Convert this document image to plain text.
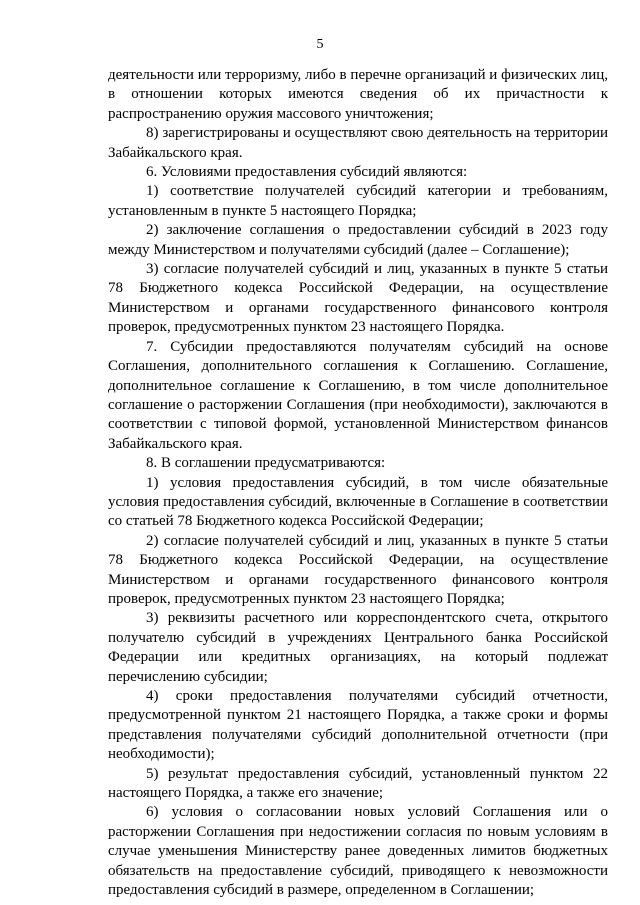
5

деятельности или терроризму, либо в перечне организаций и физических лиц, в отношении которых имеются сведения об их причастности к распространению оружия массового уничтожения;

8) зарегистрированы и осуществляют свою деятельность на территории Забайкальского края.

6. Условиями предоставления субсидий являются:

1) соответствие получателей субсидий категории и требованиям, установленным в пункте 5 настоящего Порядка;

2) заключение соглашения о предоставлении субсидий в 2023 году между Министерством и получателями субсидий (далее – Соглашение);

3) согласие получателей субсидий и лиц, указанных в пункте 5 статьи 78 Бюджетного кодекса Российской Федерации, на осуществление Министерством и органами государственного финансового контроля проверок, предусмотренных пунктом 23 настоящего Порядка.

7. Субсидии предоставляются получателям субсидий на основе Соглашения, дополнительного соглашения к Соглашению. Соглашение, дополнительное соглашение к Соглашению, в том числе дополнительное соглашение о расторжении Соглашения (при необходимости), заключаются в соответствии с типовой формой, установленной Министерством финансов Забайкальского края.

8. В соглашении предусматриваются:

1) условия предоставления субсидий, в том числе обязательные условия предоставления субсидий, включенные в Соглашение в соответствии со статьей 78 Бюджетного кодекса Российской Федерации;

2) согласие получателей субсидий и лиц, указанных в пункте 5 статьи 78 Бюджетного кодекса Российской Федерации, на осуществление Министерством и органами государственного финансового контроля проверок, предусмотренных пунктом 23 настоящего Порядка;

3) реквизиты расчетного или корреспондентского счета, открытого получателю субсидий в учреждениях Центрального банка Российской Федерации или кредитных организациях, на который подлежат перечислению субсидии;

4) сроки предоставления получателями субсидий отчетности, предусмотренной пунктом 21 настоящего Порядка, а также сроки и формы представления получателями субсидий дополнительной отчетности (при необходимости);

5) результат предоставления субсидий, установленный пунктом 22 настоящего Порядка, а также его значение;

6) условия о согласовании новых условий Соглашения или о расторжении Соглашения при недостижении согласия по новым условиям в случае уменьшения Министерству ранее доведенных лимитов бюджетных обязательств на предоставление субсидий, приводящего к невозможности предоставления субсидий в размере, определенном в Соглашении;
